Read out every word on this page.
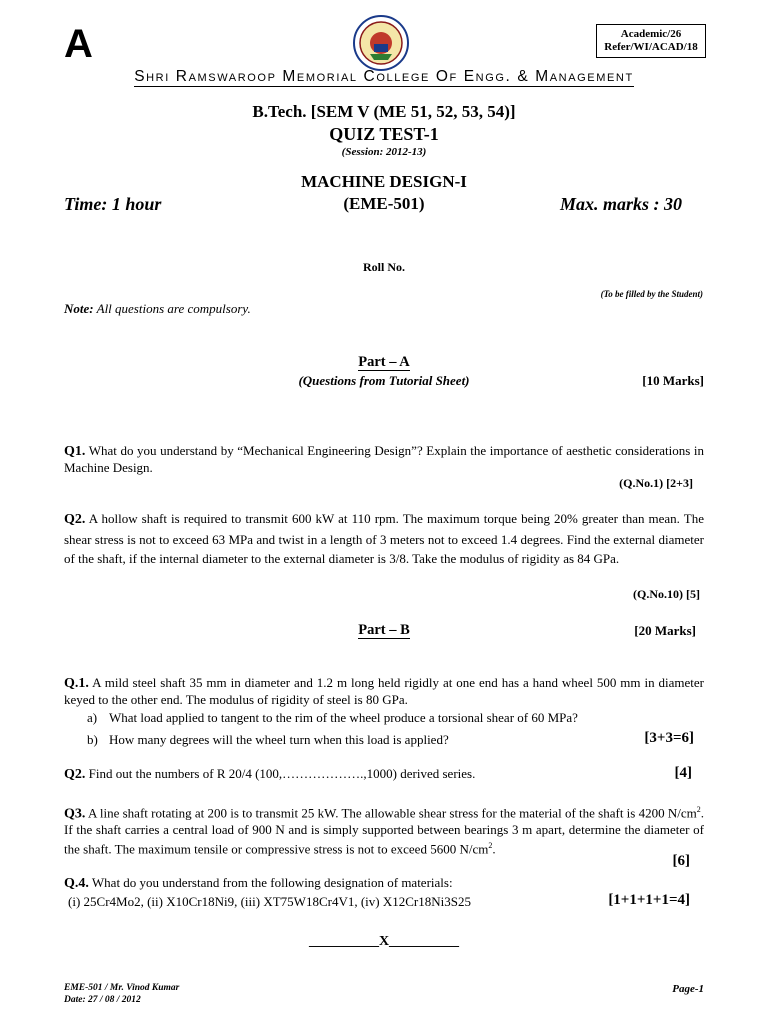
A	Academic/26
Refer/WI/ACAD/18
Shri Ramswaroop Memorial College Of Engg. & Management
B.Tech. [SEM V (ME 51, 52, 53, 54)]
QUIZ TEST-1
(Session: 2012-13)
MACHINE DESIGN-I
Time: 1 hour	(EME-501)	Max. marks : 30
Roll No.
(To be filled by the Student)
Note: All questions are compulsory.
Part – A
(Questions from Tutorial Sheet)	[10 Marks]
Q1. What do you understand by “Mechanical Engineering Design”? Explain the importance of aesthetic considerations in Machine Design.
(Q.No.1) [2+3]
Q2. A hollow shaft is required to transmit 600 kW at 110 rpm. The maximum torque being 20% greater than mean. The shear stress is not to exceed 63 MPa and twist in a length of 3 meters not to exceed 1.4 degrees. Find the external diameter of the shaft, if the internal diameter to the external diameter is 3/8. Take the modulus of rigidity as 84 GPa.
(Q.No.10) [5]
Part – B	[20 Marks]
Q.1. A mild steel shaft 35 mm in diameter and 1.2 m long held rigidly at one end has a hand wheel 500 mm in diameter keyed to the other end. The modulus of rigidity of steel is 80 GPa.
a) What load applied to tangent to the rim of the wheel produce a torsional shear of 60 MPa?
b) How many degrees will the wheel turn when this load is applied?	[3+3=6]
Q2. Find out the numbers of R 20/4 (100,……………….,1000) derived series.	[4]
Q3. A line shaft rotating at 200 is to transmit 25 kW. The allowable shear stress for the material of the shaft is 4200 $N/cm^2$. If the shaft carries a central load of 900 N and is simply supported between bearings 3 m apart, determine the diameter of the shaft. The maximum tensile or compressive stress is not to exceed 5600 $N/cm^2$.
[6]
Q.4. What do you understand from the following designation of materials:
(i) 25Cr4Mo2, (ii) X10Cr18Ni9, (iii) XT75W18Cr4V1, (iv) X12Cr18Ni3S25	[1+1+1+1=4]
__________X__________
EME-501 / Mr. Vinod Kumar
Date: 27 / 08 / 2012
Page-1
